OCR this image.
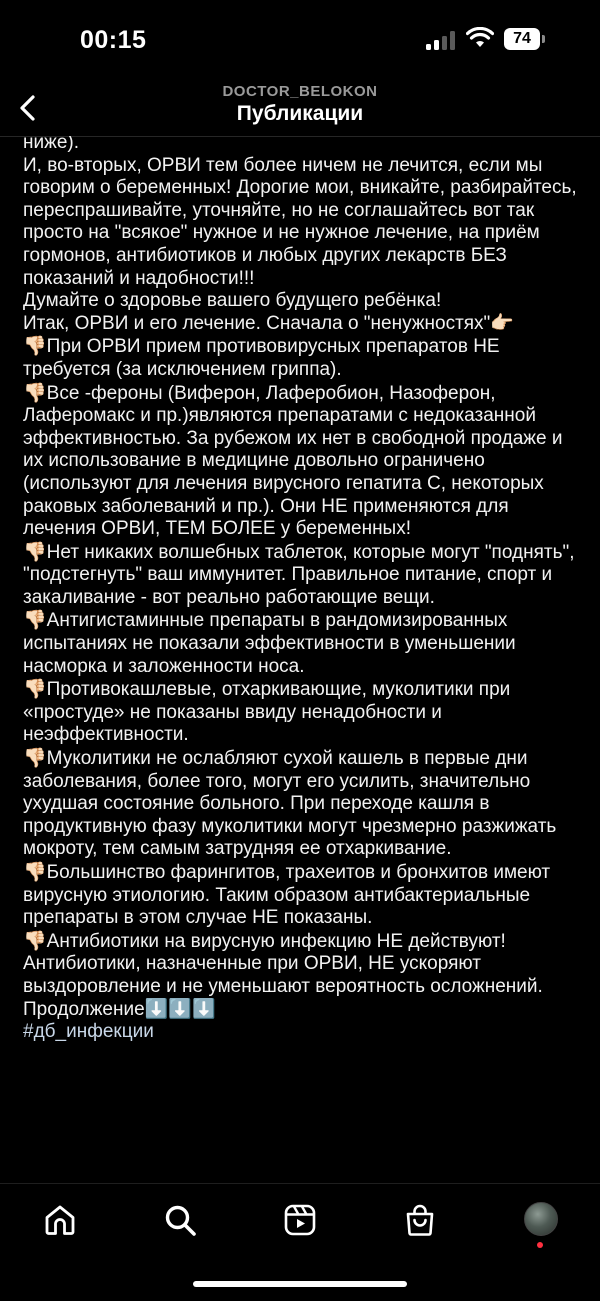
00:15	74
DOCTOR_BELOKON
Публикации

ниже).

И, во-вторых, ОРВИ тем более ничем не лечится, если мы говорим о беременных! Дорогие мои, вникайте, разбирайтесь, переспрашивайте, уточняйте, но не соглашайтесь вот так просто на "всякое" нужное и не нужное лечение, на приём гормонов, антибиотиков и любых других лекарств БЕЗ показаний и надобности!!!

Думайте о здоровье вашего будущего ребёнка!

Итак, ОРВИ и его лечение. Сначала о "ненужностях"👉🏻

👎🏻При ОРВИ прием противовирусных препаратов НЕ требуется (за исключением гриппа).

👎🏻Все -фероны (Виферон, Лаферобион, Назоферон, Лаферомакс и пр.)являются препаратами с недоказанной эффективностью. За рубежом их нет в свободной продаже и их использование в медицине довольно ограничено (используют для лечения вирусного гепатита С, некоторых раковых заболеваний и пр.). Они НЕ применяются для лечения ОРВИ, ТЕМ БОЛЕЕ у беременных!

👎🏻Нет никаких волшебных таблеток, которые могут "поднять", "подстегнуть" ваш иммунитет. Правильное питание, спорт и закаливание - вот реально работающие вещи.

👎🏻Антигистаминные препараты в рандомизированных испытаниях не показали эффективности в уменьшении насморка и заложенности носа.

👎🏻Противокашлевые, отхаркивающие, муколитики при «простуде» не показаны ввиду ненадобности и неэффективности.

👎🏻Муколитики не ослабляют сухой кашель в первые дни заболевания, более того, могут его усилить, значительно ухудшая состояние больного. При переходе кашля в продуктивную фазу муколитики могут чрезмерно разжижать мокроту, тем самым затрудняя ее отхаркивание.

👎🏻Большинство фарингитов, трахеитов и бронхитов имеют вирусную этиологию. Таким образом антибактериальные препараты в этом случае НЕ показаны.

👎🏻Антибиотики на вирусную инфекцию НЕ действуют! Антибиотики, назначенные при ОРВИ, НЕ ускоряют выздоровление и не уменьшают вероятность осложнений.

Продолжение⬇️⬇️⬇️

#дб_инфекции
